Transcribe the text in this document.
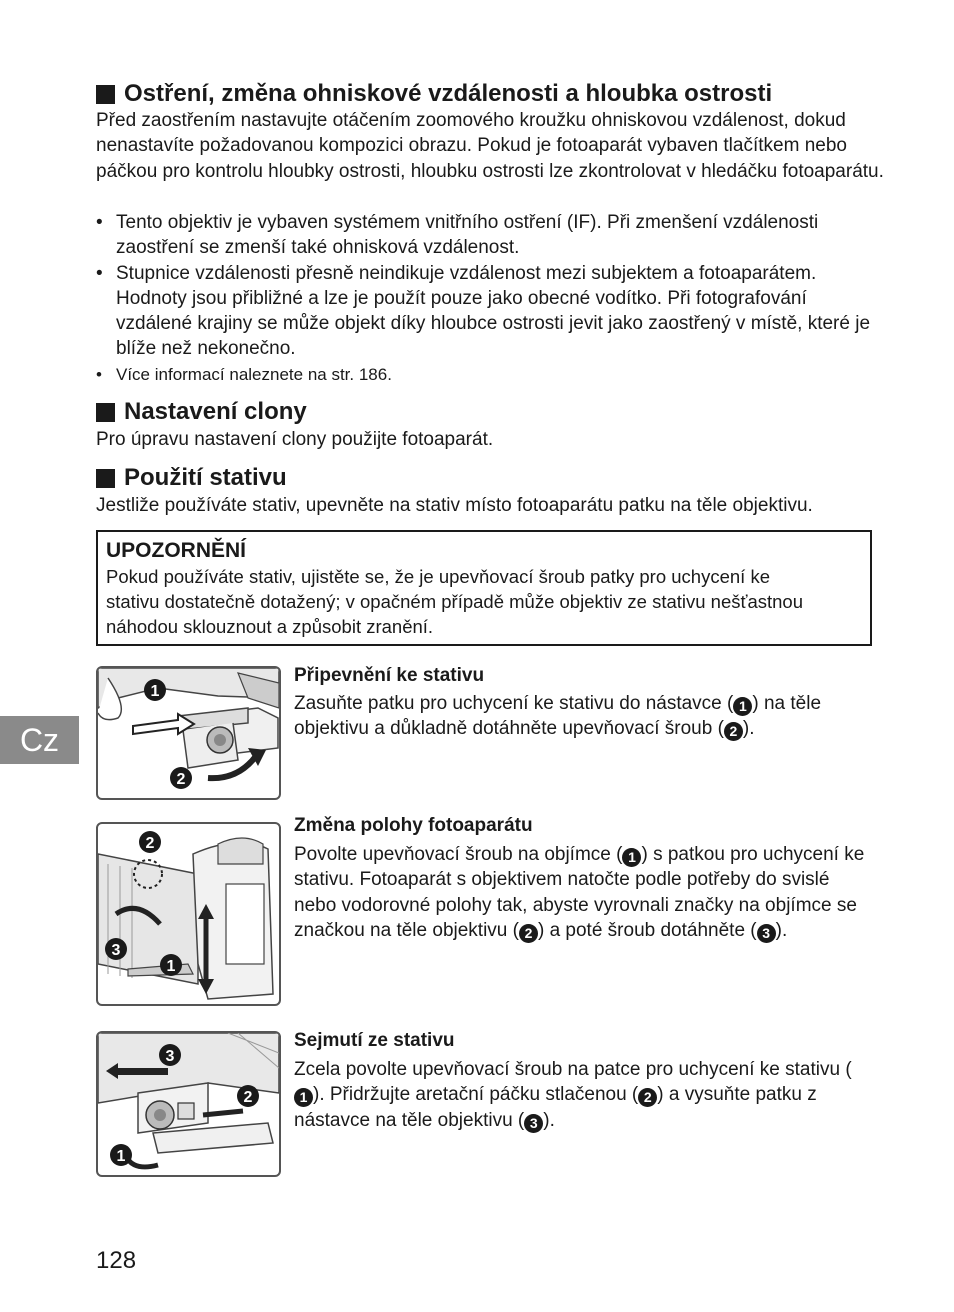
Ostření, změna ohniskové vzdálenosti a hloubka ostrosti

Před zaostřením nastavujte otáčením zoomového kroužku ohniskovou vzdálenost, dokud nenastavíte požadovanou kompozici obrazu. Pokud je fotoaparát vybaven tlačítkem nebo páčkou pro kontrolu hloubky ostrosti, hloubku ostrosti lze zkontrolovat v hledáčku fotoaparátu.

• Tento objektiv je vybaven systémem vnitřního ostření (IF). Při zmenšení vzdálenosti zaostření se zmenší také ohnisková vzdálenost.
• Stupnice vzdálenosti přesně neindikuje vzdálenost mezi subjektem a fotoaparátem. Hodnoty jsou přibližné a lze je použít pouze jako obecné vodítko. Při fotografování vzdálené krajiny se může objekt díky hloubce ostrosti jevit jako zaostřený v místě, které je blíže než nekonečno.
• Více informací naleznete na str. 186.
Nastavení clony

Pro úpravu nastavení clony použijte fotoaparát.

Použití stativu

Jestliže používáte stativ, upevněte na stativ místo fotoaparátu patku na těle objektivu.

UPOZORNĚNÍ

Pokud používáte stativ, ujistěte se, že je upevňovací šroub patky pro uchycení ke stativu dostatečně dotažený; v opačném případě může objektiv ze stativu nešťastnou náhodou sklouznout a způsobit zranění.

Cz
1
2
Připevnění ke stativu

Zasuňte patku pro uchycení ke stativu do nástavce ( 1 ) na těle objektivu a důkladně dotáhněte upevňovací šroub ( 2 ).

2
3
1
Změna polohy fotoaparátu

Povolte upevňovací šroub na objímce ( 1 ) s patkou pro uchycení ke stativu. Fotoaparát s objektivem natočte podle potřeby do svislé nebo vodorovné polohy tak, abyste vyrovnali značky na objímce se značkou na těle objektivu ( 2 ) a poté šroub dotáhněte ( 3 ).

3
2
1
Sejmutí ze stativu

Zcela povolte upevňovací šroub na patce pro uchycení ke stativu (1 ). Přidržujte aretační páčku stlačenou ( 2 ) a vysuňte patku z nástavce na těle objektivu ( 3 ).

128
